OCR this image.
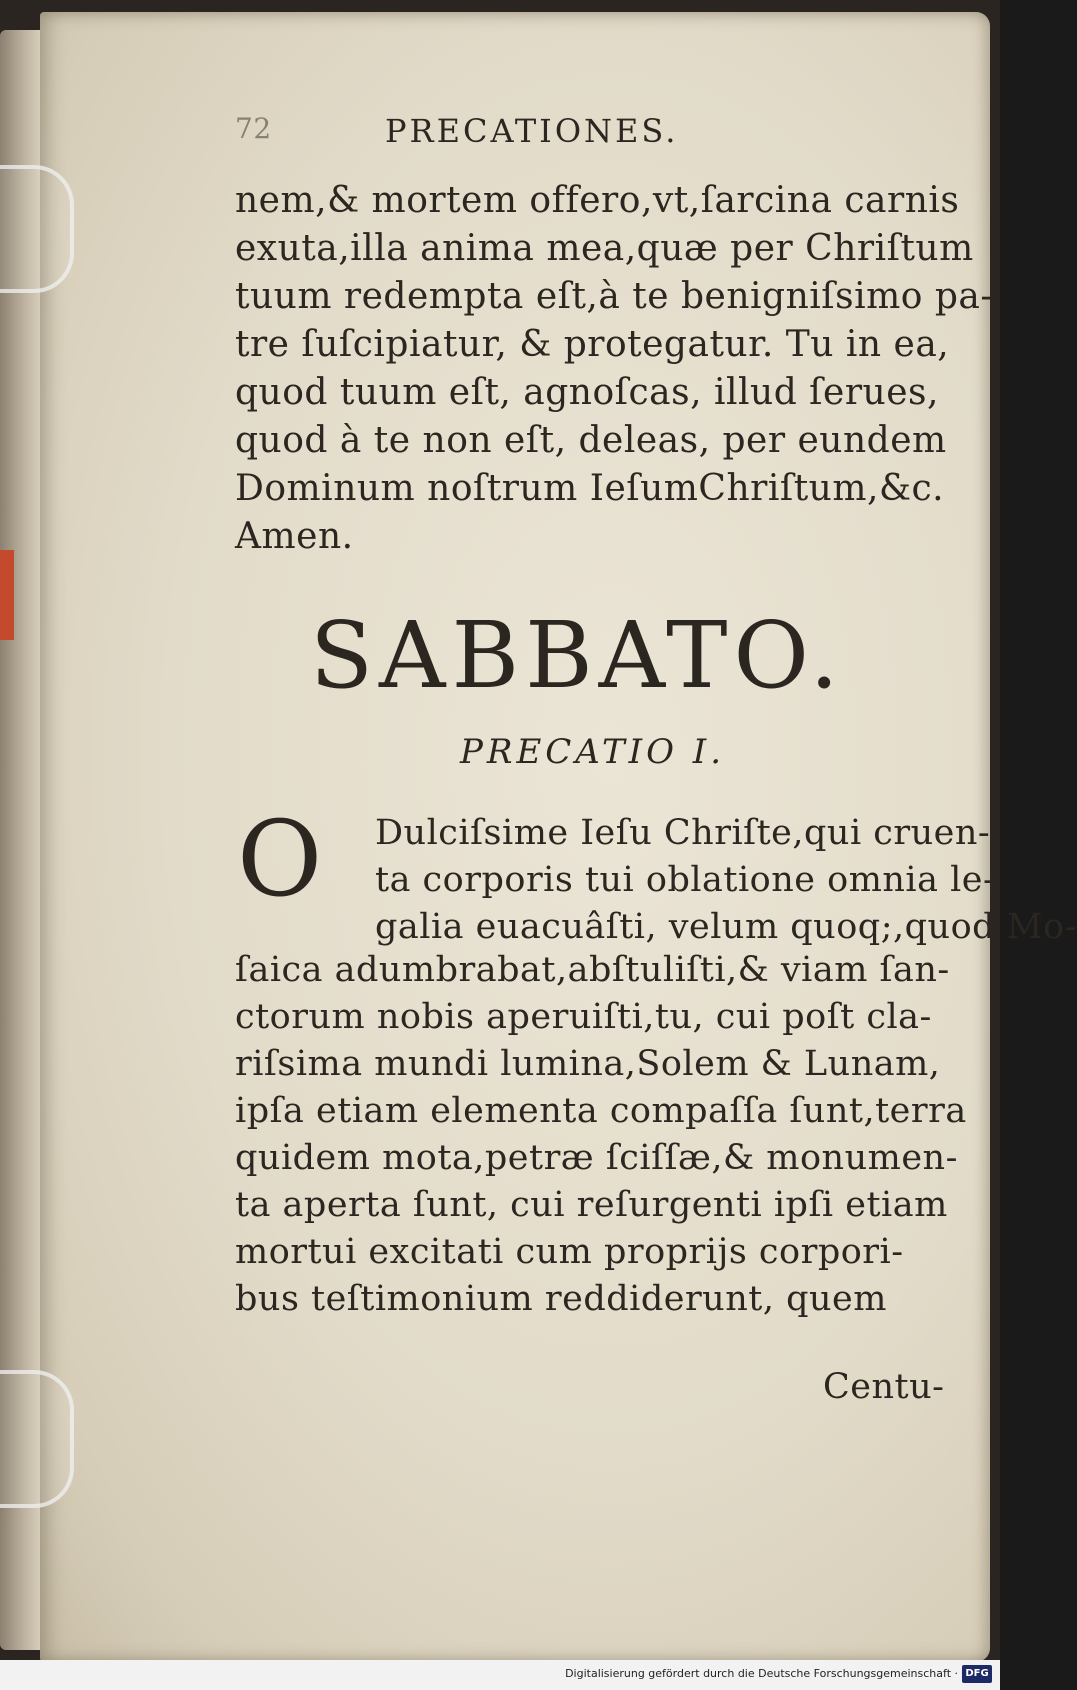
72	PRECATIONES.
nem,& mortem offero,vt,ſarcina carnis
exuta,illa anima mea,quæ per Chriſtum
tuum redempta eſt,à te benigniſsimo pa-
tre ſuſcipiatur, & protegatur. Tu in ea,
quod tuum eſt, agnoſcas, illud ſerues,
quod à te non eſt, deleas, per eundem
Dominum noſtrum IeſumChriſtum,&c.
Amen.
SABBATO.
PRECATIO I.
O Dulciſsime Ieſu Chriſte,qui cruen-
ta corporis tui oblatione omnia le-
galia euacuâſti, velum quoq;,quod Mo-
ſaica adumbrabat,abſtuliſti,& viam ſan-
ctorum nobis aperuiſti,tu, cui poſt cla-
riſsima mundi lumina,Solem & Lunam,
ipſa etiam elementa compaſſa ſunt,terra
quidem mota,petræ ſciſſæ,& monumen-
ta aperta ſunt, cui reſurgenti ipſi etiam
mortui excitati cum proprijs corpori-
bus teſtimonium reddiderunt, quem
Centu-
Digitalisierung gefördert durch die Deutsche Forschungsgemeinschaft · DFG
